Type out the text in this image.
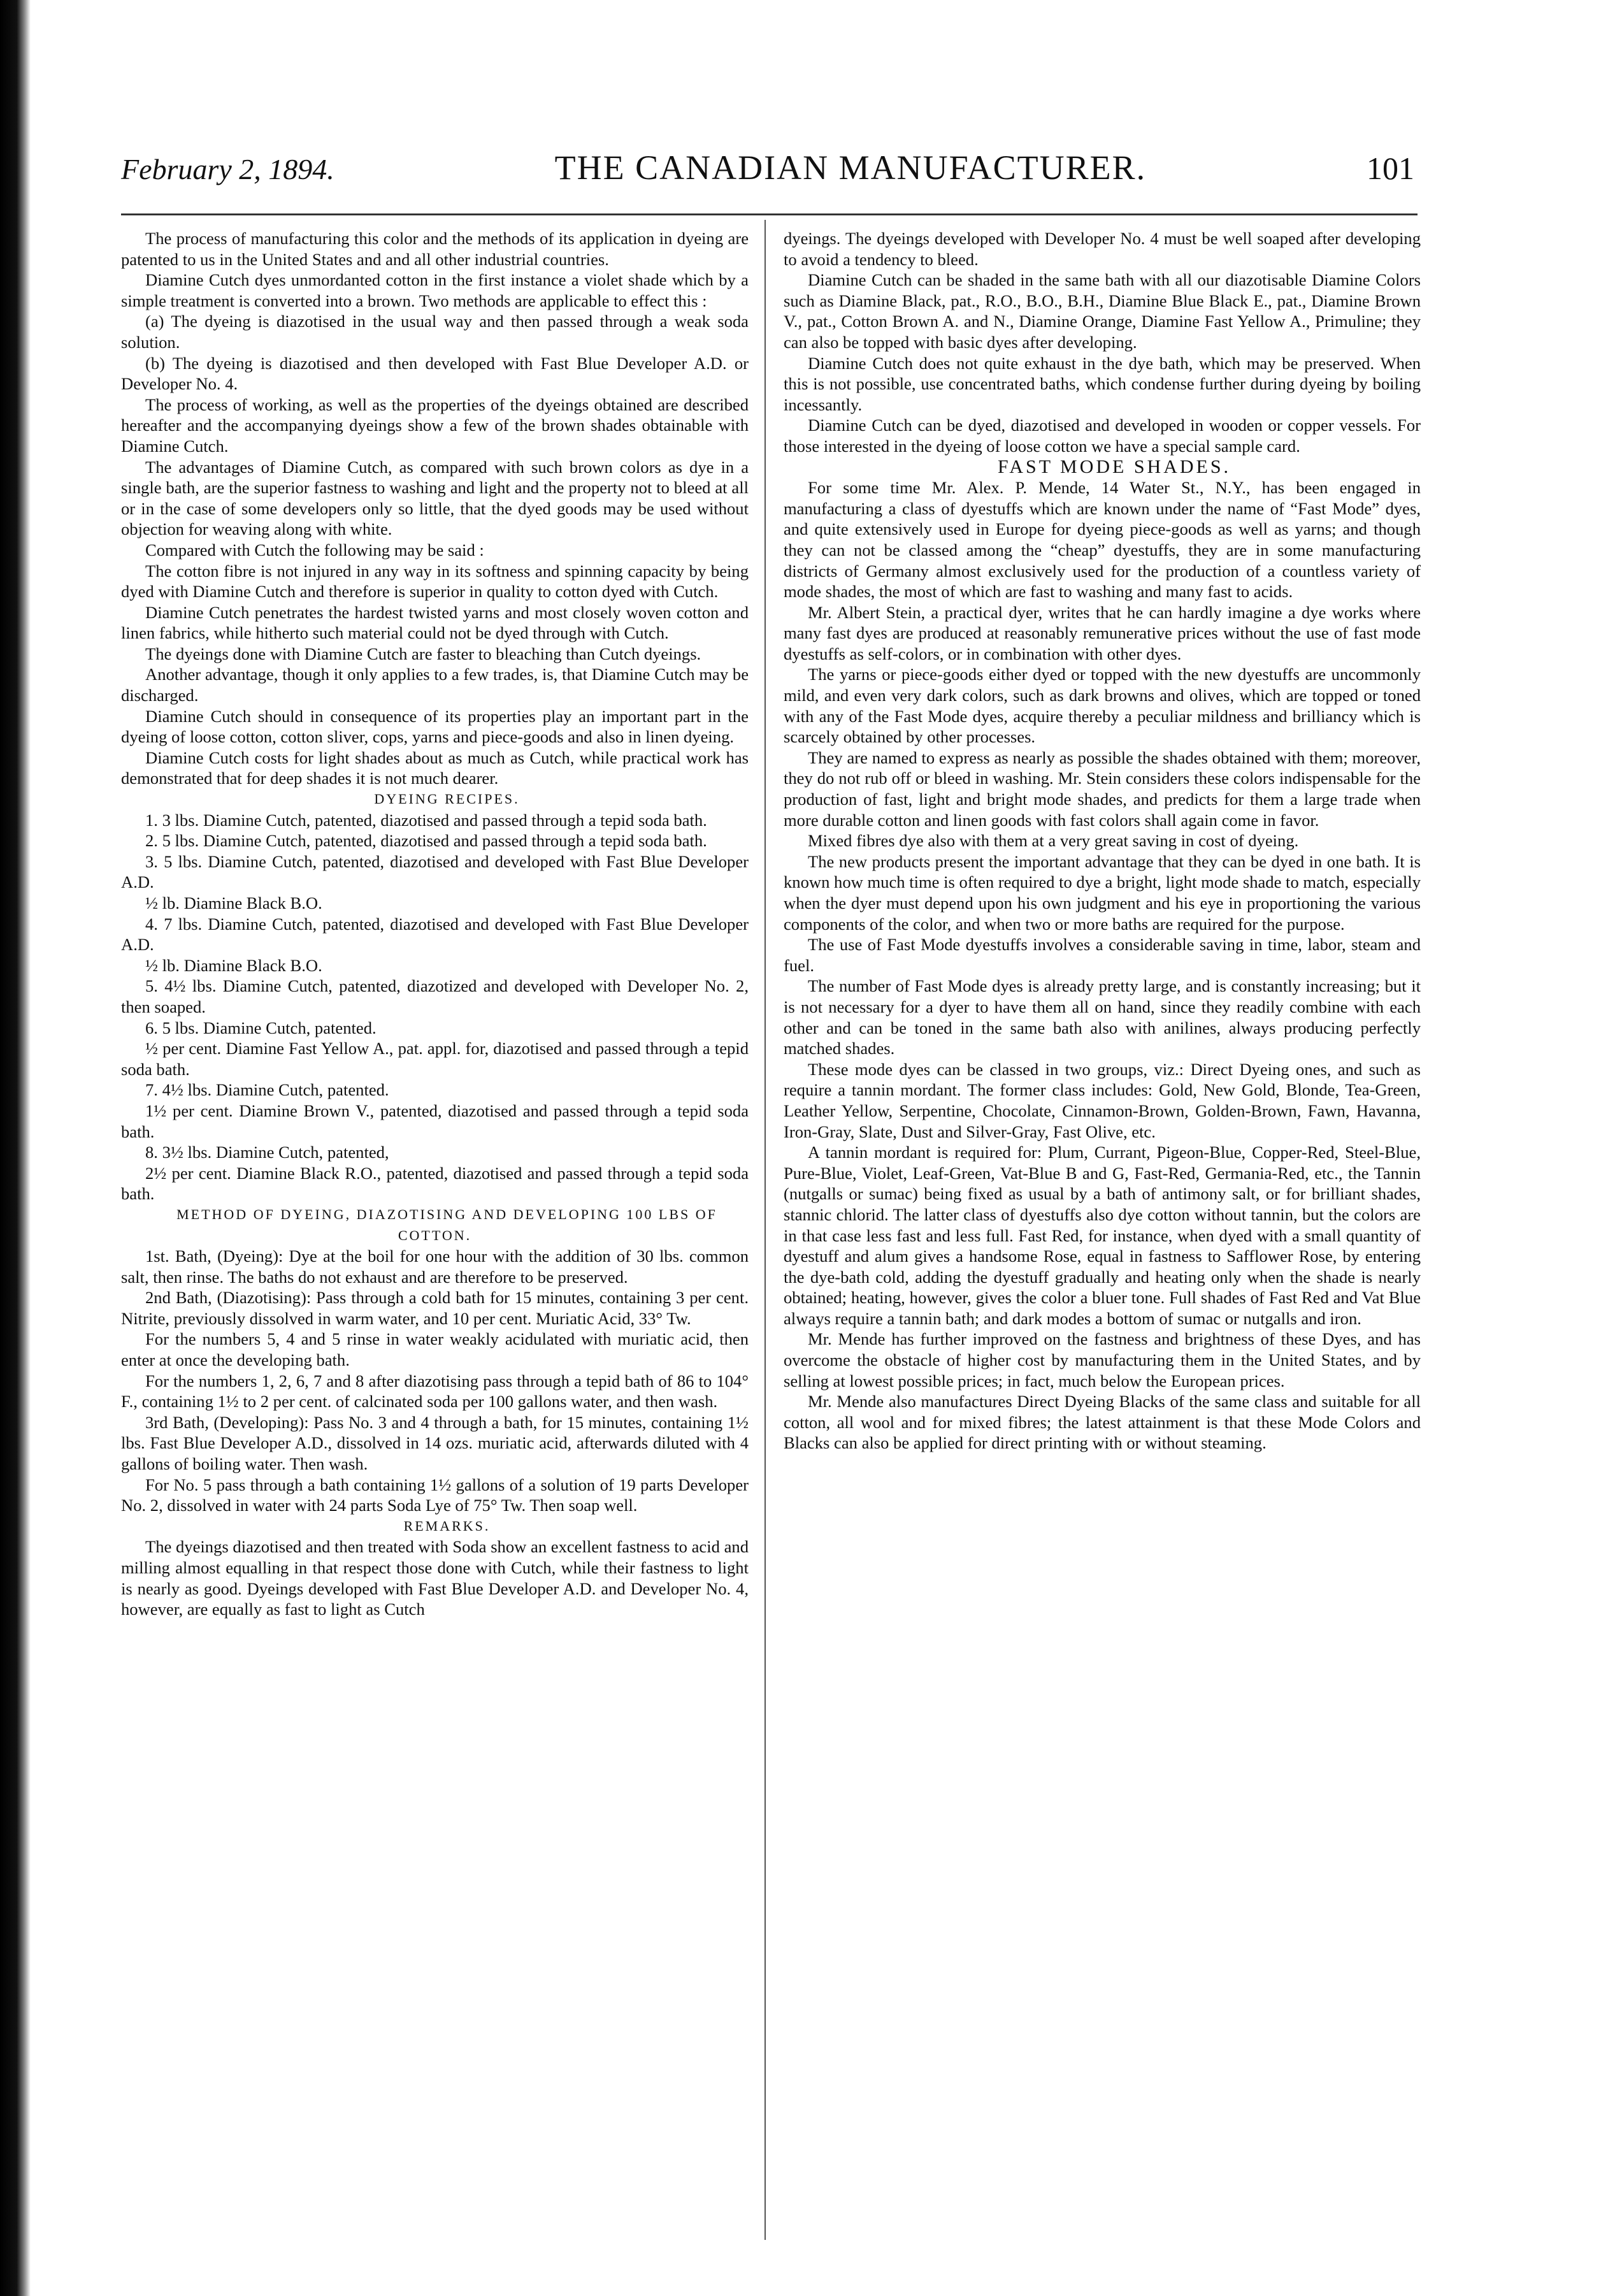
February 2, 1894.	THE CANADIAN MANUFACTURER.	101

The process of manufacturing this color and the methods of its application in dyeing are patented to us in the United States and and all other industrial countries.

Diamine Cutch dyes unmordanted cotton in the first instance a violet shade which by a simple treatment is converted into a brown. Two methods are applicable to effect this :

(a) The dyeing is diazotised in the usual way and then passed through a weak soda solution.

(b) The dyeing is diazotised and then developed with Fast Blue Developer A.D. or Developer No. 4.

The process of working, as well as the properties of the dyeings obtained are described hereafter and the accompanying dyeings show a few of the brown shades obtainable with Diamine Cutch.

The advantages of Diamine Cutch, as compared with such brown colors as dye in a single bath, are the superior fastness to washing and light and the property not to bleed at all or in the case of some developers only so little, that the dyed goods may be used without objection for weaving along with white.

Compared with Cutch the following may be said :

The cotton fibre is not injured in any way in its softness and spinning capacity by being dyed with Diamine Cutch and therefore is superior in quality to cotton dyed with Cutch.

Diamine Cutch penetrates the hardest twisted yarns and most closely woven cotton and linen fabrics, while hitherto such material could not be dyed through with Cutch.

The dyeings done with Diamine Cutch are faster to bleaching than Cutch dyeings.

Another advantage, though it only applies to a few trades, is, that Diamine Cutch may be discharged.

Diamine Cutch should in consequence of its properties play an important part in the dyeing of loose cotton, cotton sliver, cops, yarns and piece-goods and also in linen dyeing.

Diamine Cutch costs for light shades about as much as Cutch, while practical work has demonstrated that for deep shades it is not much dearer.

DYEING RECIPES.

1. 3 lbs. Diamine Cutch, patented, diazotised and passed through a tepid soda bath.

2. 5 lbs. Diamine Cutch, patented, diazotised and passed through a tepid soda bath.

3. 5 lbs. Diamine Cutch, patented, diazotised and developed with Fast Blue Developer A.D.

½ lb. Diamine Black B.O.

4. 7 lbs. Diamine Cutch, patented, diazotised and developed with Fast Blue Developer A.D.

½ lb. Diamine Black B.O.

5. 4½ lbs. Diamine Cutch, patented, diazotized and developed with Developer No. 2, then soaped.

6. 5 lbs. Diamine Cutch, patented.

½ per cent. Diamine Fast Yellow A., pat. appl. for, diazotised and passed through a tepid soda bath.

7. 4½ lbs. Diamine Cutch, patented.

1½ per cent. Diamine Brown V., patented, diazotised and passed through a tepid soda bath.

8. 3½ lbs. Diamine Cutch, patented,

2½ per cent. Diamine Black R.O., patented, diazotised and passed through a tepid soda bath.

METHOD OF DYEING, DIAZOTISING AND DEVELOPING 100 LBS OF COTTON.

1st. Bath, (Dyeing): Dye at the boil for one hour with the addition of 30 lbs. common salt, then rinse. The baths do not exhaust and are therefore to be preserved.

2nd Bath, (Diazotising): Pass through a cold bath for 15 minutes, containing 3 per cent. Nitrite, previously dissolved in warm water, and 10 per cent. Muriatic Acid, 33° Tw.

For the numbers 5, 4 and 5 rinse in water weakly acidulated with muriatic acid, then enter at once the developing bath.

For the numbers 1, 2, 6, 7 and 8 after diazotising pass through a tepid bath of 86 to 104° F., containing 1½ to 2 per cent. of calcinated soda per 100 gallons water, and then wash.

3rd Bath, (Developing): Pass No. 3 and 4 through a bath, for 15 minutes, containing 1½ lbs. Fast Blue Developer A.D., dissolved in 14 ozs. muriatic acid, afterwards diluted with 4 gallons of boiling water. Then wash.

For No. 5 pass through a bath containing 1½ gallons of a solution of 19 parts Developer No. 2, dissolved in water with 24 parts Soda Lye of 75° Tw. Then soap well.

REMARKS.

The dyeings diazotised and then treated with Soda show an excellent fastness to acid and milling almost equalling in that respect those done with Cutch, while their fastness to light is nearly as good. Dyeings developed with Fast Blue Developer A.D. and Developer No. 4, however, are equally as fast to light as Cutch

dyeings. The dyeings developed with Developer No. 4 must be well soaped after developing to avoid a tendency to bleed.

Diamine Cutch can be shaded in the same bath with all our diazotisable Diamine Colors such as Diamine Black, pat., R.O., B.O., B.H., Diamine Blue Black E., pat., Diamine Brown V., pat., Cotton Brown A. and N., Diamine Orange, Diamine Fast Yellow A., Primuline; they can also be topped with basic dyes after developing.

Diamine Cutch does not quite exhaust in the dye bath, which may be preserved. When this is not possible, use concentrated baths, which condense further during dyeing by boiling incessantly.

Diamine Cutch can be dyed, diazotised and developed in wooden or copper vessels. For those interested in the dyeing of loose cotton we have a special sample card.

FAST MODE SHADES.

For some time Mr. Alex. P. Mende, 14 Water St., N.Y., has been engaged in manufacturing a class of dyestuffs which are known under the name of “Fast Mode” dyes, and quite extensively used in Europe for dyeing piece-goods as well as yarns; and though they can not be classed among the “cheap” dyestuffs, they are in some manufacturing districts of Germany almost exclusively used for the production of a countless variety of mode shades, the most of which are fast to washing and many fast to acids.

Mr. Albert Stein, a practical dyer, writes that he can hardly imagine a dye works where many fast dyes are produced at reasonably remunerative prices without the use of fast mode dyestuffs as self-colors, or in combination with other dyes.

The yarns or piece-goods either dyed or topped with the new dyestuffs are uncommonly mild, and even very dark colors, such as dark browns and olives, which are topped or toned with any of the Fast Mode dyes, acquire thereby a peculiar mildness and brilliancy which is scarcely obtained by other processes.

They are named to express as nearly as possible the shades obtained with them; moreover, they do not rub off or bleed in washing. Mr. Stein considers these colors indispensable for the production of fast, light and bright mode shades, and predicts for them a large trade when more durable cotton and linen goods with fast colors shall again come in favor.

Mixed fibres dye also with them at a very great saving in cost of dyeing.

The new products present the important advantage that they can be dyed in one bath. It is known how much time is often required to dye a bright, light mode shade to match, especially when the dyer must depend upon his own judgment and his eye in proportioning the various components of the color, and when two or more baths are required for the purpose.

The use of Fast Mode dyestuffs involves a considerable saving in time, labor, steam and fuel.

The number of Fast Mode dyes is already pretty large, and is constantly increasing; but it is not necessary for a dyer to have them all on hand, since they readily combine with each other and can be toned in the same bath also with anilines, always producing perfectly matched shades.

These mode dyes can be classed in two groups, viz.: Direct Dyeing ones, and such as require a tannin mordant. The former class includes: Gold, New Gold, Blonde, Tea-Green, Leather Yellow, Serpentine, Chocolate, Cinnamon-Brown, Golden-Brown, Fawn, Havanna, Iron-Gray, Slate, Dust and Silver-Gray, Fast Olive, etc.

A tannin mordant is required for: Plum, Currant, Pigeon-Blue, Copper-Red, Steel-Blue, Pure-Blue, Violet, Leaf-Green, Vat-Blue B and G, Fast-Red, Germania-Red, etc., the Tannin (nutgalls or sumac) being fixed as usual by a bath of antimony salt, or for brilliant shades, stannic chlorid. The latter class of dyestuffs also dye cotton without tannin, but the colors are in that case less fast and less full. Fast Red, for instance, when dyed with a small quantity of dyestuff and alum gives a handsome Rose, equal in fastness to Safflower Rose, by entering the dye-bath cold, adding the dyestuff gradually and heating only when the shade is nearly obtained; heating, however, gives the color a bluer tone. Full shades of Fast Red and Vat Blue always require a tannin bath; and dark modes a bottom of sumac or nutgalls and iron.

Mr. Mende has further improved on the fastness and brightness of these Dyes, and has overcome the obstacle of higher cost by manufacturing them in the United States, and by selling at lowest possible prices; in fact, much below the European prices.

Mr. Mende also manufactures Direct Dyeing Blacks of the same class and suitable for all cotton, all wool and for mixed fibres; the latest attainment is that these Mode Colors and Blacks can also be applied for direct printing with or without steaming.
